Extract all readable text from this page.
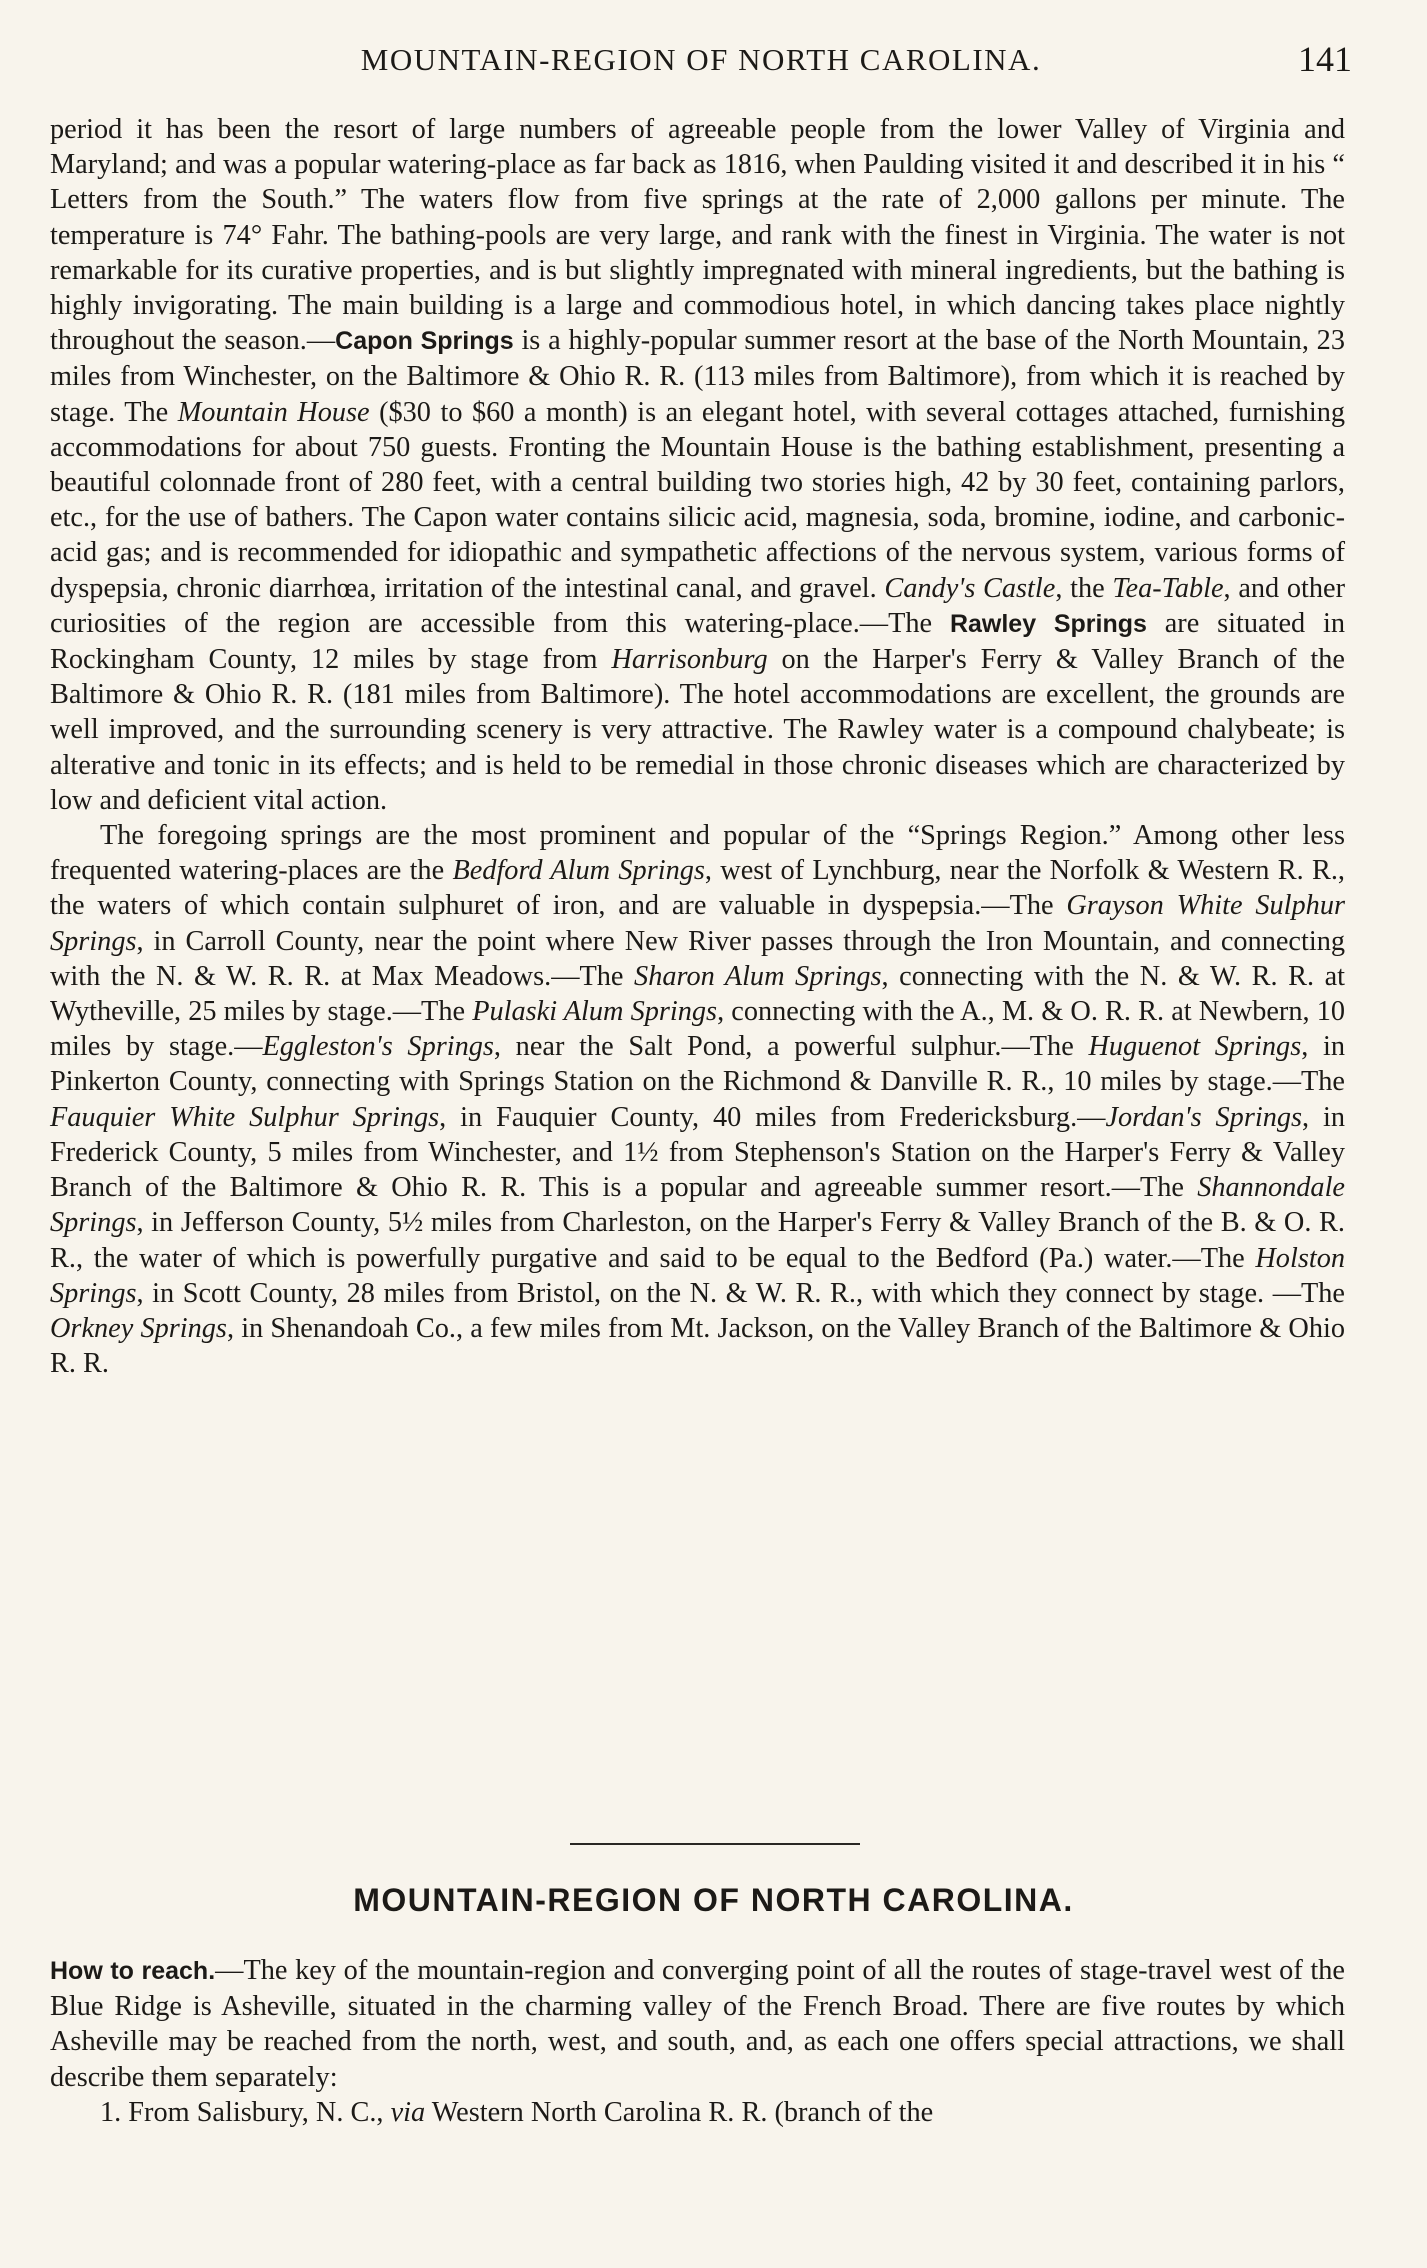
MOUNTAIN-REGION OF NORTH CAROLINA.	141

period it has been the resort of large numbers of agreeable people from the lower Valley of Virginia and Maryland; and was a popular watering-place as far back as 1816, when Paulding visited it and described it in his “ Letters from the South.” The waters flow from five springs at the rate of 2,000 gallons per minute. The temperature is 74° Fahr. The bathing-pools are very large, and rank with the finest in Virginia. The water is not remarkable for its curative properties, and is but slightly impregnated with mineral ingredients, but the bathing is highly invigorating. The main building is a large and commodious hotel, in which dancing takes place nightly throughout the season.—Capon Springs is a highly-popular summer resort at the base of the North Mountain, 23 miles from Winchester, on the Baltimore & Ohio R. R. (113 miles from Baltimore), from which it is reached by stage. The Mountain House ($30 to $60 a month) is an elegant hotel, with several cottages attached, furnishing accommodations for about 750 guests. Fronting the Mountain House is the bathing establishment, presenting a beautiful colonnade front of 280 feet, with a central building two stories high, 42 by 30 feet, containing parlors, etc., for the use of bathers. The Capon water contains silicic acid, magnesia, soda, bromine, iodine, and carbonic-acid gas; and is recommended for idiopathic and sympathetic affections of the nervous system, various forms of dyspepsia, chronic diarrhœa, irritation of the intestinal canal, and gravel. Candy's Castle, the Tea-Table, and other curiosities of the region are accessible from this watering-place.—The Rawley Springs are situated in Rockingham County, 12 miles by stage from Harrisonburg on the Harper's Ferry & Valley Branch of the Baltimore & Ohio R. R. (181 miles from Baltimore). The hotel accommodations are excellent, the grounds are well improved, and the surrounding scenery is very attractive. The Rawley water is a compound chalybeate; is alterative and tonic in its effects; and is held to be remedial in those chronic diseases which are characterized by low and deficient vital action.

The foregoing springs are the most prominent and popular of the “Springs Region.” Among other less frequented watering-places are the Bedford Alum Springs, west of Lynchburg, near the Norfolk & Western R. R., the waters of which contain sulphuret of iron, and are valuable in dyspepsia.—The Grayson White Sulphur Springs, in Carroll County, near the point where New River passes through the Iron Mountain, and connecting with the N. & W. R. R. at Max Meadows.—The Sharon Alum Springs, connecting with the N. & W. R. R. at Wytheville, 25 miles by stage.—The Pulaski Alum Springs, connecting with the A., M. & O. R. R. at Newbern, 10 miles by stage.—Eggleston's Springs, near the Salt Pond, a powerful sulphur.—The Huguenot Springs, in Pinkerton County, connecting with Springs Station on the Richmond & Danville R. R., 10 miles by stage.—The Fauquier White Sulphur Springs, in Fauquier County, 40 miles from Fredericksburg.—Jordan's Springs, in Frederick County, 5 miles from Winchester, and 1½ from Stephenson's Station on the Harper's Ferry & Valley Branch of the Baltimore & Ohio R. R. This is a popular and agreeable summer resort.—The Shannondale Springs, in Jefferson County, 5½ miles from Charleston, on the Harper's Ferry & Valley Branch of the B. & O. R. R., the water of which is powerfully purgative and said to be equal to the Bedford (Pa.) water.—The Holston Springs, in Scott County, 28 miles from Bristol, on the N. & W. R. R., with which they connect by stage. —The Orkney Springs, in Shenandoah Co., a few miles from Mt. Jackson, on the Valley Branch of the Baltimore & Ohio R. R.

MOUNTAIN-REGION OF NORTH CAROLINA.

How to reach.—The key of the mountain-region and converging point of all the routes of stage-travel west of the Blue Ridge is Asheville, situated in the charming valley of the French Broad. There are five routes by which Asheville may be reached from the north, west, and south, and, as each one offers special attractions, we shall describe them separately:

1. From Salisbury, N. C., via Western North Carolina R. R. (branch of the
